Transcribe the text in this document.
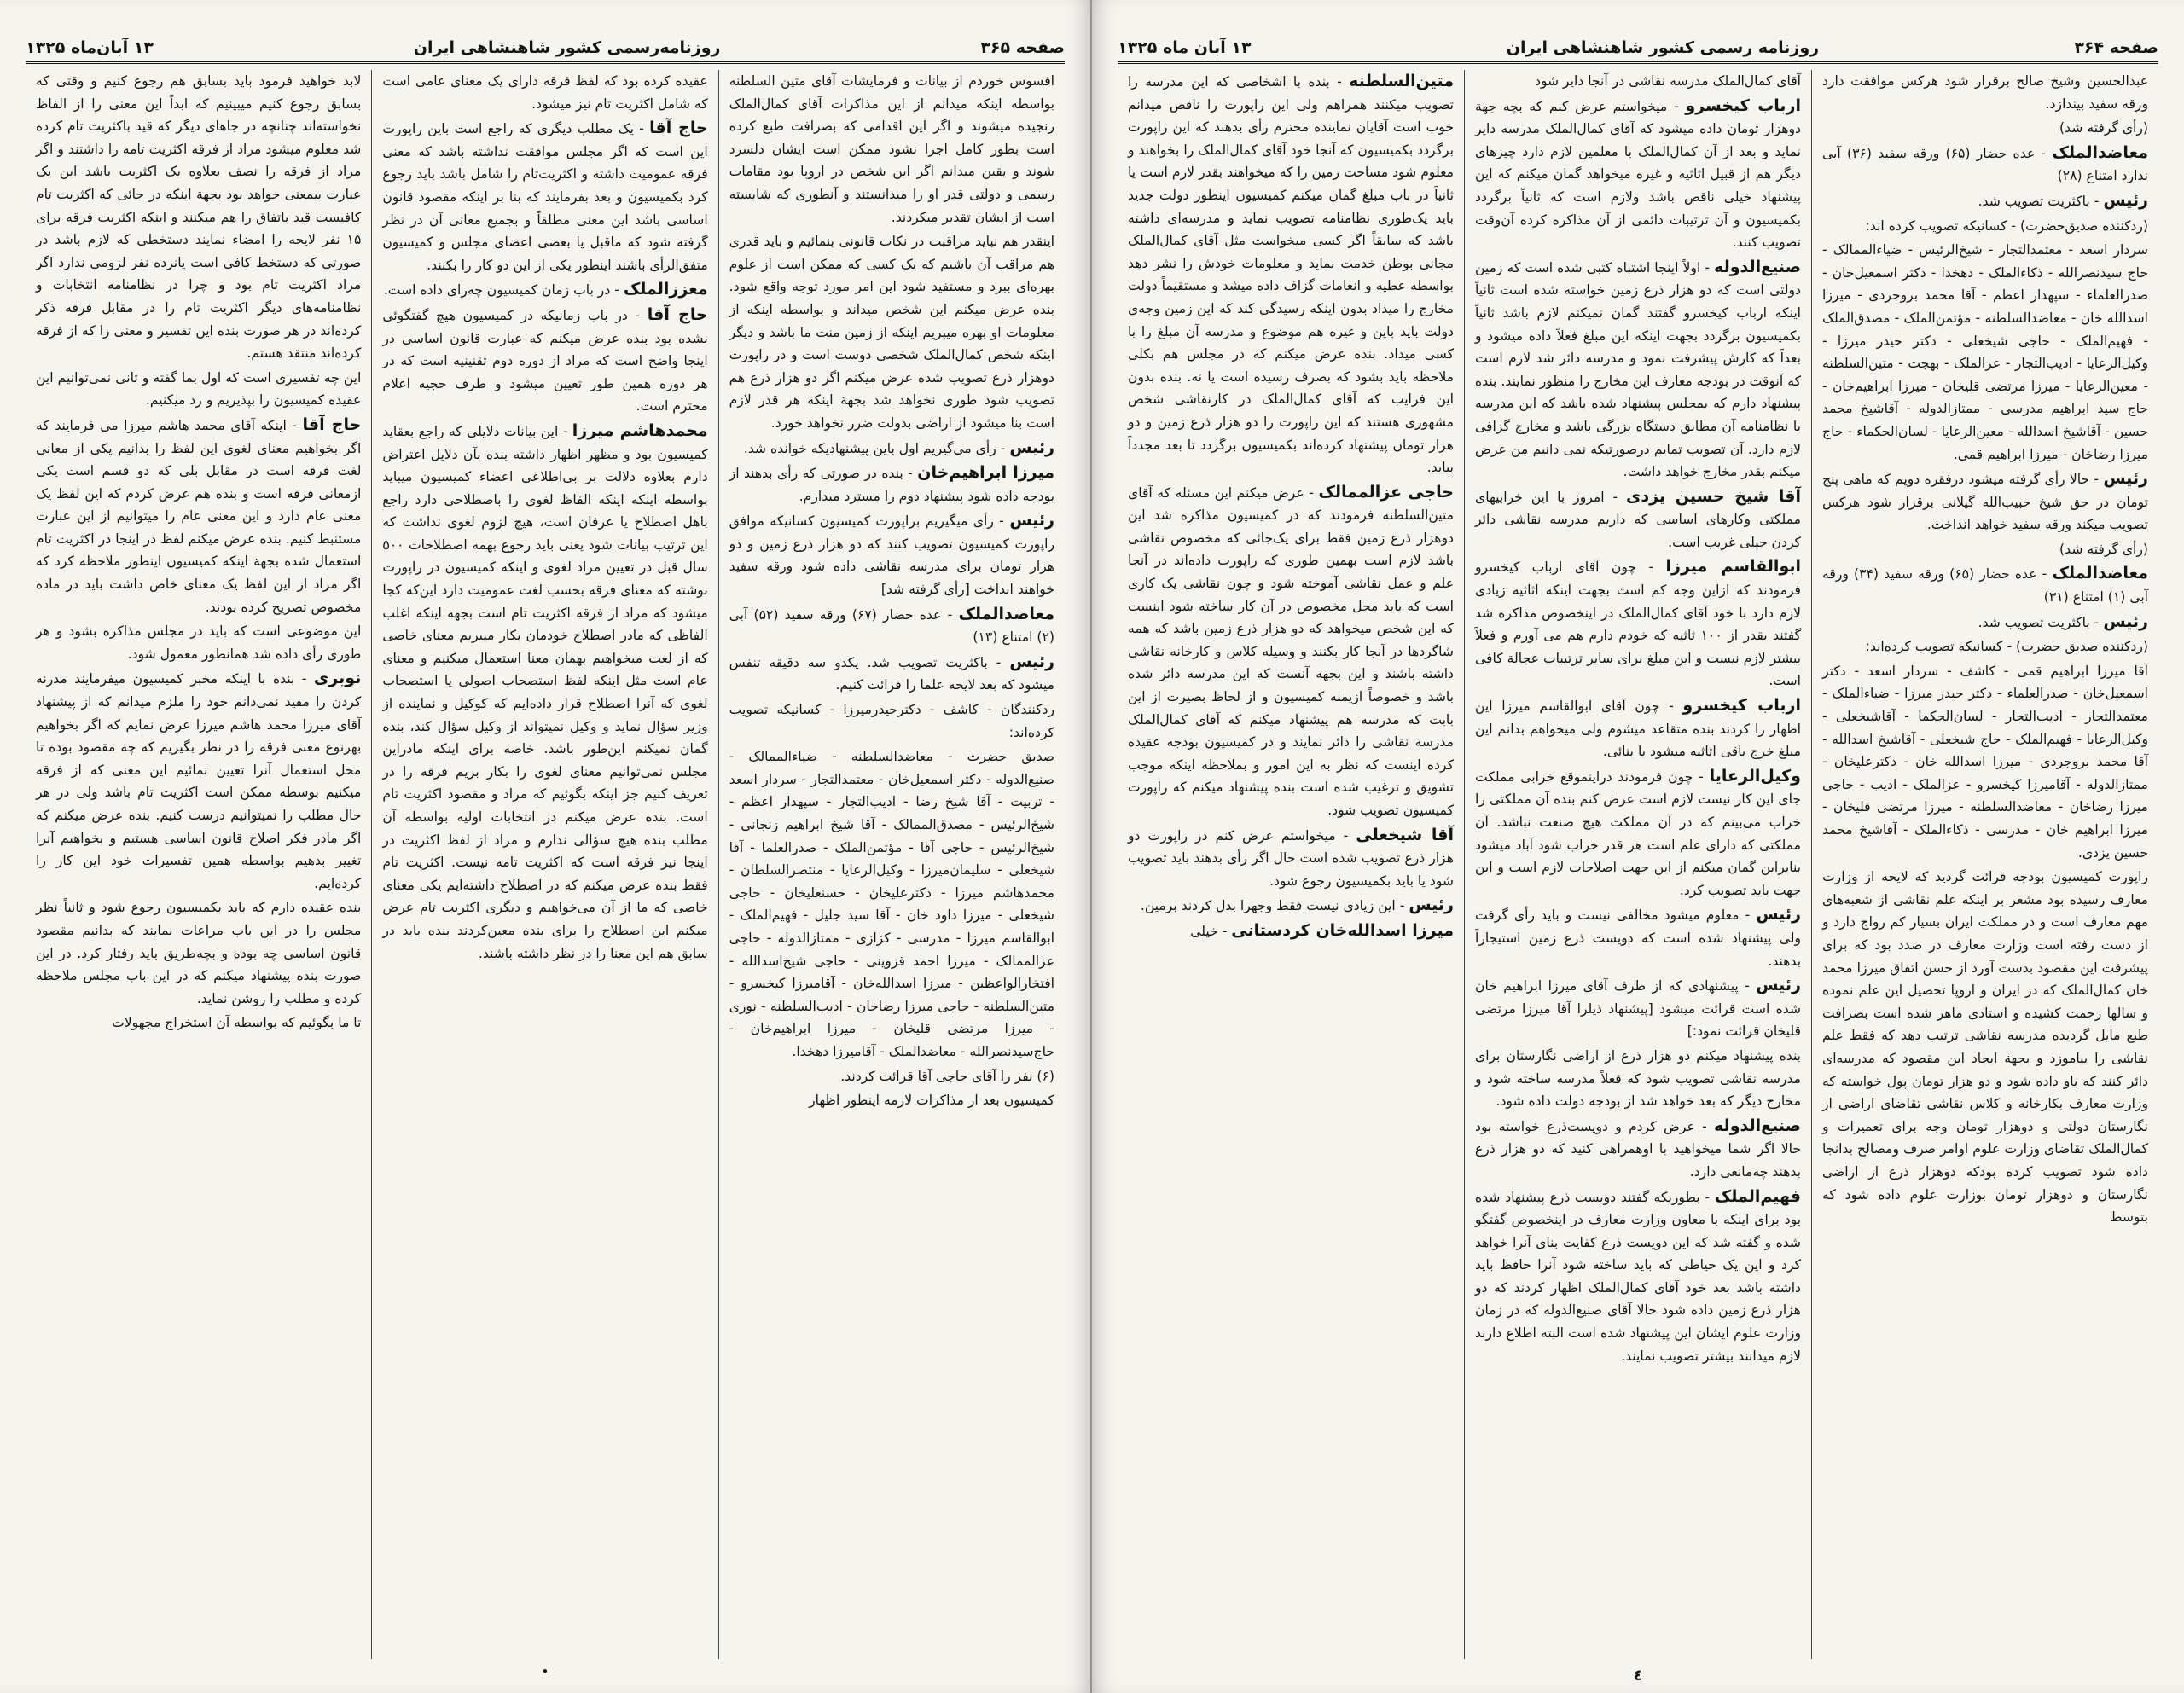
صفحه ۳۶۵
روزنامه‌رسمی کشور شاهنشاهی ایران
۱۳ آبان‌ماه ۱۳۲۵

افسوس خوردم از بیانات و فرمایشات آقای متین السلطنه بواسطه اینکه میدانم از این مذاکرات آقای کمال‌الملک رنجیده میشوند و اگر این اقدامی که بصرافت طبع کرده است بطور کامل اجرا نشود ممکن است ایشان دلسرد شوند و یقین میدانم اگر این شخص در اروپا بود مقامات رسمی و دولتی قدر او را میدانستند و آنطوری که شایسته است از ایشان تقدیر میکردند.

اینقدر هم نباید مراقبت در نکات قانونی بنمائیم و باید قدری هم مراقب آن باشیم که یک کسی که ممکن است از علوم بهره‌ای ببرد و مستفید شود این امر مورد توجه واقع شود. بنده عرض میکنم این شخص میداند و بواسطه اینکه از معلومات او بهره میبریم اینکه از زمین منت ما باشد و دیگر اینکه شخص کمال‌الملک شخصی دوست است و در راپورت دوهزار ذرع تصویب شده عرض میکنم اگر دو هزار ذرع هم تصویب شود طوری نخواهد شد بجهة اینکه هر قدر لازم است بنا میشود از اراضی بدولت ضرر نخواهد خورد.

رئیس - رأی می‌گیریم اول باین پیشنهادیکه خوانده شد.

میرزا ابراهیم‌خان - بنده در صورتی که رأی بدهند از بودجه داده شود پیشنهاد دوم را مسترد میدارم.

رئیس - رأی میگیریم براپورت کمیسیون کسانیکه موافق راپورت کمیسیون تصویب کنند که دو هزار ذرع زمین و دو هزار تومان برای مدرسه نقاشی داده شود ورقه سفید خواهند انداخت [رأی گرفته شد]

معاضدالملک - عده حضار (۶۷) ورقه سفید (۵۲) آبی (۲) امتناع (۱۳)

رئیس - باکثریت تصویب شد. یکدو سه دقیقه تنفس میشود که بعد لایحه علما را قرائت کنیم.

ردکنندگان - کاشف - دکترحیدرمیرزا - کسانیکه تصویب کرده‌اند:

صدیق حضرت - معاضدالسلطنه - ضیاءالممالک - صنیع‌الدوله - دکتر اسمعیل‌خان - معتمدالتجار - سردار اسعد - تربیت - آقا شیخ رضا - ادیب‌التجار - سپهدار اعظم - شیخ‌الرئیس - مصدق‌الممالک - آقا شیخ ابراهیم زنجانی - شیخ‌الرئیس - حاجی آقا - مؤتمن‌الملک - صدرالعلما - آقا شیخعلی - سلیمان‌میرزا - وکیل‌الرعایا - منتصرالسلطان - محمدهاشم میرزا - دکترعلیخان - حسنعلیخان - حاجی شیخعلی - میرزا داود خان - آقا سید جلیل - فهیم‌الملک - ابوالقاسم میرزا - مدرسی - کزازی - ممتازالدوله - حاجی عزالممالک - میرزا احمد قزوینی - حاجی شیخ‌اسدالله - افتخارالواعظین - میرزا اسدالله‌خان - آقامیرزا کیخسرو - متین‌السلطنه - حاجی میرزا رضاخان - ادیب‌السلطنه - نوری - میرزا مرتضی قلیخان - میرزا ابراهیم‌خان - حاج‌سیدنصرالله - معاضدالملک - آقامیرزا دهخدا.

(۶) نفر را آقای حاجی آقا قرائت کردند.

کمیسیون بعد از مذاکرات لازمه اینطور اظهار

عقیده کرده بود که لفظ فرقه دارای یک معنای عامی است که شامل اکثریت تام نیز میشود.

حاج آقا - یک مطلب دیگری که راجع است باین راپورت این است که اگر مجلس موافقت نداشته باشد که معنی فرقه عمومیت داشته و اکثریت‌تام‌ را شامل باشد باید رجوع کرد بکمیسیون و بعد بفرمایند که بنا بر اینکه مقصود قانون اساسی باشد این معنی مطلقاً و بجمیع معانی آن در نظر گرفته شود که ماقبل یا بعضی اعضای مجلس و کمیسیون متفق‌الرأی باشند اینطور یکی از این دو کار را بکنند.

معززالملک - در باب زمان کمیسیون چه‌رای داده است.

حاج آقا - در باب زمانیکه در کمیسیون هیچ گفتگوئی نشده بود بنده عرض میکنم که عبارت قانون اساسی در اینجا واضح است که مراد از دوره دوم تقنینیه است که در هر دوره همین طور تعیین میشود و طرف حجیه اعلام محترم است.

محمدهاشم میرزا - این بیانات دلایلی که راجع بعقاید کمیسیون بود و مظهر اظهار داشته بنده بآن دلایل اعتراض دارم بعلاوه دلالت بر بی‌اطلاعی اعضاء کمیسیون میباید بواسطه اینکه اینکه الفاظ لغوی را باصطلاحی دارد راجع باهل اصطلاح یا عرفان است، هیچ لزوم لغوی نداشت که این ترتیب بیانات شود یعنی باید رجوع بهمه اصطلاحات ۵۰۰ سال قبل در تعیین مراد لغوی و اینکه کمیسیون در راپورت نوشته که معنای فرقه بحسب لغت عمومیت دارد این‌که کجا میشود که مراد از فرقه اکثریت تام است بجهه اینکه اغلب الفاظی که مادر اصطلاح خودمان بکار میبریم معنای خاصی که از لغت میخواهیم بهمان معنا استعمال میکنیم و معنای عام است مثل اینکه لفظ استصحاب اصولی یا استصحاب لغوی که آنرا اصطلاح قرار داده‌ایم که کوکیل و نماینده از وزیر سؤال نماید و وکیل نمیتواند از وکیل سؤال کند، بنده گمان نمیکنم این‌طور باشد. خاصه برای اینکه مادراین مجلس نمی‌توانیم معنای لغوی را بکار بریم فرقه را در تعریف کنیم جز اینکه بگوئیم که مراد و مقصود اکثریت تام است. بنده عرض میکنم در انتخابات اولیه بواسطه آن مطلب بنده هیچ سؤالی ندارم و مراد از لفظ اکثریت در اینجا نیز فرقه است که اکثریت تامه نیست. اکثریت تام فقط بنده عرض میکنم که در اصطلاح داشته‌ایم یکی معنای خاصی که ما از آن می‌خواهیم و دیگری اکثریت تام عرض میکنم این اصطلاح را برای بنده معین‌کردند بنده باید در سابق هم این معنا را در نظر داشته باشند.

لابد خواهید فرمود باید بسابق هم رجوع کنیم و وقتی که بسابق رجوع کنیم میبینیم که ابداً این معنی را از الفاظ نخواسته‌اند چنانچه در جاهای دیگر که قید باکثریت تام کرده شد معلوم میشود مراد از فرقه اکثریت تامه را داشتند و اگر مراد از فرقه را نصف بعلاوه یک اکثریت باشد این یک عبارت بیمعنی خواهد بود بجهة اینکه در جائی که اکثریت تام کافیست قید باتفاق را هم میکنند و اینکه اکثریت فرقه برای ۱۵ نفر لایحه را امضاء نمایند دستخطی که لازم باشد در صورتی که دستخط کافی است یانزده نفر لزومی ندارد اگر مراد اکثریت تام بود و چرا در نظامنامه انتخابات و نظامنامه‌های دیگر اکثریت تام را در مقابل فرقه ذکر کرده‌اند در هر صورت بنده این تفسیر و معنی را که از فرقه کرده‌اند منتقد هستم.

این چه تفسیری است که اول بما گفته و ثانی نمی‌توانیم این عقیده کمیسیون را بپذیریم و رد میکنیم.

حاج آقا - اینکه آقای محمد هاشم میرزا می فرمایند که اگر بخواهیم معنای لغوی این لفظ را بدانیم یکی از معانی لغت فرقه است در مقابل بلی که دو قسم است یکی ازمعانی فرقه است و بنده هم عرض کردم که این لفظ یک معنی عام دارد و این معنی عام را میتوانیم از این عبارت مستنبط کنیم. بنده عرض میکنم لفظ در اینجا در اکثریت تام استعمال شده بجهة اینکه کمیسیون اینطور ملاحظه کرد که اگر مراد از این لفظ یک معنای خاص داشت باید در ماده مخصوص تصریح کرده بودند.

این موضوعی است که باید در مجلس مذاکره بشود و هر طوری رأی داده شد همانطور معمول شود.

نوبری - بنده با اینکه مخبر کمیسیون میفرمایند مدرنه کردن را مفید نمی‌دانم خود را ملزم میدانم که از پیشنهاد آقای میرزا محمد هاشم میرزا عرض نمایم که اگر بخواهیم بهرنوع معنی فرقه را در نظر بگیریم که چه مقصود بوده تا محل استعمال آنرا تعیین نمائیم این معنی که از فرقه میکنیم بوسطه ممکن است اکثریت تام باشد ولی در هر حال مطلب را نمیتوانیم درست کنیم. بنده عرض میکنم که اگر مادر فکر اصلاح قانون اساسی هستیم و بخواهیم آنرا تغییر بدهیم بواسطه همین تفسیرات خود این کار را کرده‌ایم.

بنده عقیده دارم که باید بکمیسیون رجوع شود و ثانیاً نظر مجلس را در این باب مراعات نمایند که بدانیم مقصود قانون اساسی چه بوده و بچه‌طریق باید رفتار کرد. در این صورت بنده پیشنهاد میکنم که در این باب مجلس ملاحظه کرده و مطلب را روشن نماید.

تا ما بگوئیم که بواسطه آن استخراج مجهولات

•
صفحه ۳۶۴
روزنامه رسمی کشور شاهنشاهی ایران
۱۳ آبان ماه ۱۳۲۵

عبدالحسین وشیخ صالح برقرار شود هرکس موافقت دارد ورقه سفید بیندازد.

(رأی گرفته شد)

معاضدالملک - عده حضار (۶۵) ورقه سفید (۳۶) آبی ندارد امتناع (۲۸)

رئیس - باکثریت تصویب شد.

(ردکننده صدیق‌حضرت) - کسانیکه تصویب کرده اند:

سردار اسعد - معتمدالتجار - شیخ‌الرئیس - ضیاءالممالک - حاج سیدنصرالله - ذکاءالملک - دهخدا - دکتر اسمعیل‌خان - صدرالعلماء - سپهدار اعظم - آقا محمد بروجردی - میرزا اسدالله خان - معاضدالسلطنه - مؤتمن‌الملک - مصدق‌الملک - فهیم‌الملک - حاجی شیخعلی - دکتر حیدر میرزا - وکیل‌الرعایا - ادیب‌التجار - عزالملک - بهجت - متین‌السلطنه - معین‌الرعایا - میرزا مرتضی قلیخان - میرزا ابراهیم‌خان - حاج سید ابراهیم مدرسی - ممتازالدوله - آقاشیخ محمد حسین - آقاشیخ اسدالله - معین‌الرعایا - لسان‌الحکماء - حاج میرزا رضاخان - میرزا ابراهیم قمی.

رئیس - حالا رأی گرفته میشود درفقره دویم که ماهی پنج تومان در حق شیخ حبیب‌الله گیلانی برقرار شود هرکس تصویب میکند ورقه سفید خواهد انداخت.

(رأی گرفته شد)

معاضدالملک - عده حضار (۶۵) ورقه سفید (۳۴) ورقه آبی (۱) امتناع (۳۱)

رئیس - باکثریت تصویب شد.

(ردکننده صدیق حضرت) - کسانیکه تصویب کرده‌اند:

آقا میرزا ابراهیم قمی - کاشف - سردار اسعد - دکتر اسمعیل‌خان - صدرالعلماء - دکتر حیدر میرزا - ضیاءالملک - معتمدالتجار - ادیب‌التجار - لسان‌الحکما - آقاشیخعلی - وکیل‌الرعایا - فهیم‌الملک - حاج شیخعلی - آقاشیخ اسدالله - آقا محمد بروجردی - میرزا اسدالله خان - دکترعلیخان - ممتازالدوله - آقامیرزا کیخسرو - عزالملک - ادیب - حاجی میرزا رضاخان - معاضدالسلطنه - میرزا مرتضی قلیخان - میرزا ابراهیم خان - مدرسی - ذکاءالملک - آقاشیخ محمد حسین یزدی.

راپورت کمیسیون بودجه قرائت گردید که لایحه از وزارت معارف رسیده بود مشعر بر اینکه علم نقاشی از شعبه‌های مهم معارف است و در مملکت ایران بسیار کم رواج دارد و از دست رفته است وزارت معارف در صدد بود که برای پیشرفت این مقصود بدست آورد از حسن اتفاق میرزا محمد خان کمال‌الملک که در ایران و اروپا تحصیل این علم نموده و سالها زحمت کشیده و استادی ماهر شده است بصرافت طبع مایل گردیده مدرسه نقاشی ترتیب دهد که فقط علم نقاشی را بیاموزد و بجهة ایجاد این مقصود که مدرسه‌ای دائر کنند که باو داده شود و دو هزار تومان پول خواسته که وزارت معارف بکارخانه و کلاس نقاشی تقاضای اراضی از نگارستان دولتی و دوهزار تومان وجه برای تعمیرات و کمال‌الملک تقاضای وزارت علوم اوامر صرف ومصالح بدانجا داده شود تصویب کرده بودکه دوهزار ذرع از اراضی نگارستان و دوهزار تومان بوزارت علوم داده شود که بتوسط

آقای کمال‌الملک مدرسه نقاشی در آنجا دایر شود

ارباب کیخسرو - میخواستم عرض کنم که بچه جهة دوهزار تومان داده میشود که آقای کمال‌الملک مدرسه دایر نماید و بعد از آن کمال‌الملک با معلمین لازم دارد چیزهای دیگر هم از قبیل اثاثیه و غیره میخواهد گمان میکنم که این پیشنهاد خیلی ناقص باشد ولازم است که ثانیاً برگردد بکمیسیون و آن ترتیبات دائمی از آن مذاکره کرده آن‌وقت تصویب کنند.

صنیع‌الدوله - اولاً اینجا اشتباه کتبی شده است که زمین دولتی است که دو هزار ذرع زمین خواسته شده است ثانیاً اینکه ارباب کیخسرو گفتند گمان نمیکنم لازم باشد ثانیاً بکمیسیون برگردد بجهت اینکه این مبلغ فعلاً داده میشود و بعداً که کارش پیشرفت نمود و مدرسه دائر شد لازم است که آنوقت در بودجه معارف این مخارج را منظور نمایند. بنده پیشنهاد دارم که بمجلس پیشنهاد شده باشد که این مدرسه یا نظامنامه آن مطابق دستگاه بزرگی باشد و مخارج گزافی لازم دارد. آن تصویب تمایم درصورتیکه نمی دانیم من عرض میکنم بقدر مخارج خواهد داشت.

آقا شیخ حسین یزدی - امروز با این خرابیهای مملکتی وکارهای اساسی که داریم مدرسه نقاشی دائر کردن خیلی غریب است.

ابوالقاسم میرزا - چون آقای ارباب کیخسرو فرمودند که ازاین وجه کم است بجهت اینکه اثاثیه زیادی لازم دارد با خود آقای کمال‌الملک در اینخصوص مذاکره شد گفتند بقدر از ۱۰۰ ثاثیه که خودم دارم هم می آورم و فعلاً بیشتر لازم نیست و این مبلغ برای سایر ترتیبات عجالة کافی است.

ارباب کیخسرو - چون آقای ابوالقاسم میرزا این اظهار را کردند بنده متقاعد میشوم ولی میخواهم بدانم این مبلغ خرج باقی اثاثیه میشود یا بنائی.

وکیل‌الرعایا - چون فرمودند دراینموقع خرابی مملکت جای این کار نیست لازم است عرض کنم بنده آن مملکتی را خراب می‌بینم که در آن مملکت هیچ صنعت نباشد. آن مملکتی که دارای علم است هر قدر خراب شود آباد میشود بنابراین گمان میکنم از این جهت اصلاحات لازم است و این جهت باید تصویب کرد.

رئیس - معلوم میشود مخالفی نیست و باید رأی گرفت ولی پیشنهاد شده است که دویست ذرع زمین استیجاراً بدهند.

رئیس - پیشنهادی که از طرف آقای میرزا ابراهیم خان شده است قرائت میشود [پیشنهاد ذیلرا آقا میرزا مرتضی قلیخان قرائت نمود:]

بنده پیشنهاد میکنم دو هزار ذرع از اراضی نگارستان برای مدرسه نقاشی تصویب شود که فعلاً مدرسه ساخته شود و مخارج دیگر که بعد خواهد شد از بودجه دولت داده شود.

صنیع‌الدوله - عرض کردم و دویست‌ذرع خواسته بود حالا اگر شما میخواهید با اوهمراهی کنید که دو هزار ذرع بدهند چه‌مانعی دارد.

فهیم‌الملک - بطوریکه گفتند دویست ذرع پیشنهاد شده بود برای اینکه با معاون وزارت معارف در اینخصوص گفتگو شده و گفته شد که این دویست ذرع کفایت بنای آنرا خواهد کرد و این یک حیاطی که باید ساخته شود آنرا حافظ باید داشته باشد بعد خود آقای کمال‌الملک اظهار کردند که دو هزار ذرع زمین داده شود حالا آقای صنیع‌الدوله که در زمان وزارت علوم ایشان این پیشنهاد شده است البته اطلاع دارند لازم میدانند بیشتر تصویب نمایند.

متین‌السلطنه - بنده با اشخاصی که این مدرسه را تصویب میکنند همراهم ولی این راپورت را ناقص میدانم خوب است آقایان نماینده محترم رأی بدهند که این راپورت برگردد بکمیسیون که آنجا خود آقای کمال‌الملک را بخواهند و معلوم شود مساحت زمین را که میخواهند بقدر لازم است یا ثانیاً در باب مبلغ گمان میکنم کمیسیون اینطور دولت جدید باید یک‌طوری نظامنامه تصویب نماید و مدرسه‌ای داشته باشد که سابقاً اگر کسی میخواست مثل آقای کمال‌الملک مجانی بوطن خدمت نماید و معلومات خودش را نشر دهد بواسطه عطیه و انعامات گزاف داده میشد و مستقیماً دولت مخارج را میداد بدون اینکه رسیدگی کند که این زمین وجه‌ی دولت باید باین و غیره هم موضوع و مدرسه آن مبلغ را با کسی میداد. بنده عرض میکنم که در مجلس هم بکلی ملاحظه باید بشود که بصرف رسیده است یا نه. بنده بدون این فرایب که آقای کمال‌الملک در کارنقاشی شخص مشهوری هستند که این راپورت را دو هزار ذرع زمین و دو هزار تومان پیشنهاد کرده‌اند بکمیسیون برگردد تا بعد مجدداً بیاید.

حاجی عزالممالک - عرض میکنم این مسئله که آقای متین‌السلطنه فرمودند که در کمیسیون مذاکره شد این دوهزار ذرع زمین فقط برای یک‌جائی که مخصوص نقاشی باشد لازم است بهمین طوری که راپورت داده‌اند در آنجا علم و عمل نقاشی آموخته شود و چون نقاشی یک کاری است که باید محل مخصوص در آن کار ساخته شود اینست که این شخص میخواهد که دو هزار ذرع زمین باشد که همه شاگردها در آنجا کار بکنند و وسیله کلاس و کارخانه نقاشی داشته باشند و این بجهه آنست که این مدرسه دائر شده باشد و خصوصاً ازیمنه کمیسیون و از لحاظ بصیرت از این بابت که مدرسه هم پیشنهاد میکنم که آقای کمال‌الملک مدرسه نقاشی را دائر نمایند و در کمیسیون بودجه عقیده کرده اینست که نظر به این امور و بملاحظه اینکه موجب تشویق و ترغیب شده است بنده پیشنهاد میکنم که راپورت کمیسیون تصویب شود.

آقا شیخعلی - میخواستم عرض کنم در راپورت دو هزار ذرع تصویب شده است حال اگر رأی بدهند باید تصویب شود یا باید بکمیسیون رجوع شود.

رئیس - این زیادی نیست فقط وجهرا بدل کردند برمین.

میرزا اسدالله‌خان کردستانی - خیلی

٤
